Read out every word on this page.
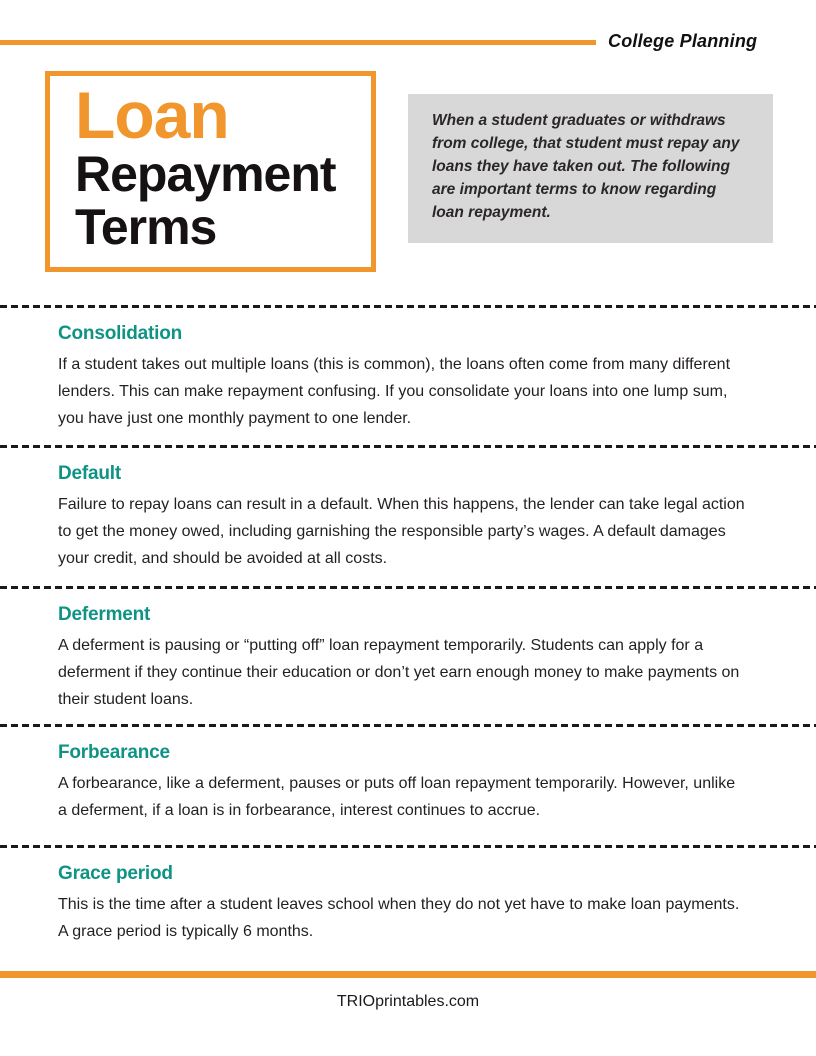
College Planning
Loan
Repayment
Terms

When a student graduates or withdraws from college, that student must repay any loans they have taken out. The following are important terms to know regarding loan repayment.

Consolidation

If a student takes out multiple loans (this is common), the loans often come from many different lenders. This can make repayment confusing. If you consolidate your loans into one lump sum, you have just one monthly payment to one lender.

Default

Failure to repay loans can result in a default. When this happens, the lender can take legal action to get the money owed, including garnishing the responsible party’s wages. A default damages your credit, and should be avoided at all costs.

Deferment

A deferment is pausing or “putting off” loan repayment temporarily. Students can apply for a deferment if they continue their education or don’t yet earn enough money to make payments on their student loans.

Forbearance

A forbearance, like a deferment, pauses or puts off loan repayment temporarily. However, unlike a deferment, if a loan is in forbearance, interest continues to accrue.

Grace period

This is the time after a student leaves school when they do not yet have to make loan payments. A grace period is typically 6 months.

TRIOprintables.com
